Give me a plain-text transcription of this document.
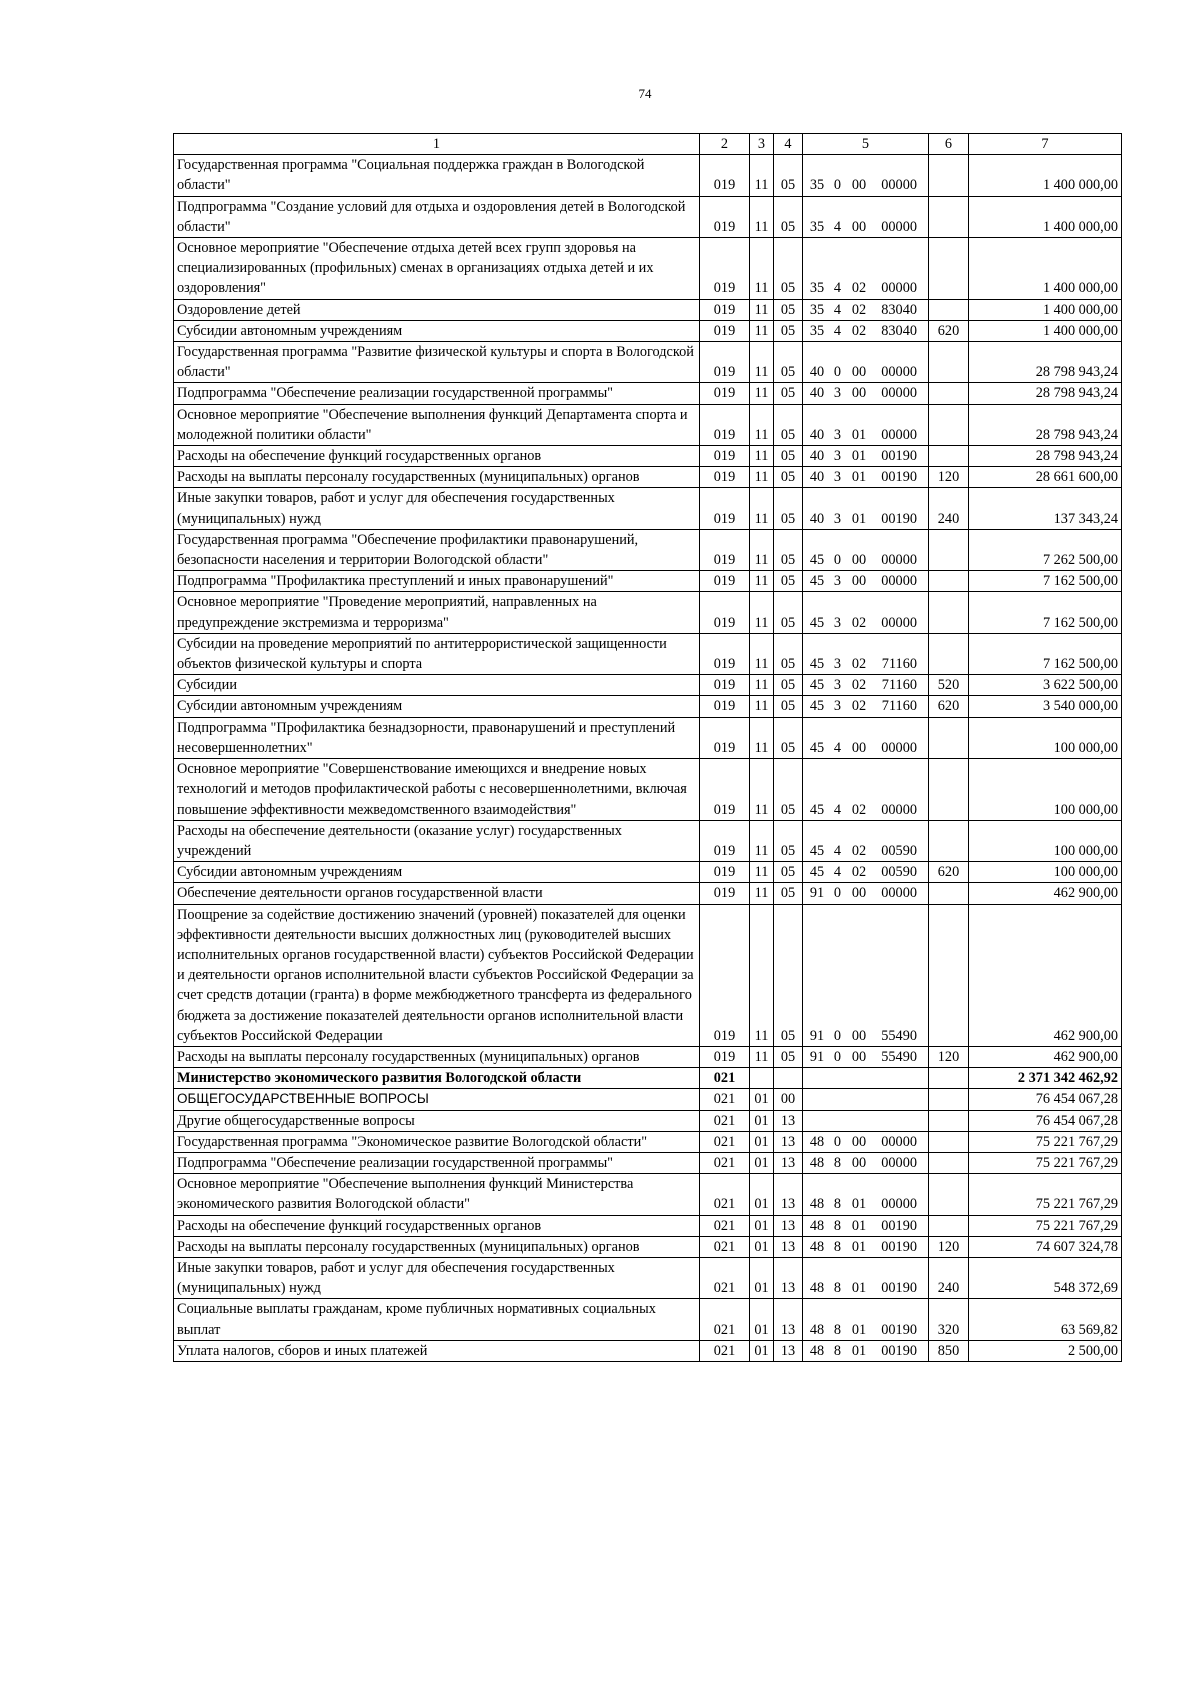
74
1	2	3	4	5	6	7
Государственная программа "Социальная поддержка граждан в Вологодской области"	019	11	05	35 0 00 00000		1 400 000,00
Подпрограмма "Создание условий для отдыха и оздоровления детей в Вологодской области"	019	11	05	35 4 00 00000		1 400 000,00
Основное мероприятие "Обеспечение отдыха детей всех групп здоровья на специализированных (профильных) сменах в организациях отдыха детей и их оздоровления"	019	11	05	35 4 02 00000		1 400 000,00
Оздоровление детей	019	11	05	35 4 02 83040		1 400 000,00
Субсидии автономным учреждениям	019	11	05	35 4 02 83040	620	1 400 000,00
Государственная программа "Развитие физической культуры и спорта в Вологодской области"	019	11	05	40 0 00 00000		28 798 943,24
Подпрограмма "Обеспечение реализации государственной программы"	019	11	05	40 3 00 00000		28 798 943,24
Основное мероприятие "Обеспечение выполнения функций Департамента спорта и молодежной политики области"	019	11	05	40 3 01 00000		28 798 943,24
Расходы на обеспечение функций государственных органов	019	11	05	40 3 01 00190		28 798 943,24
Расходы на выплаты персоналу государственных (муниципальных) органов	019	11	05	40 3 01 00190	120	28 661 600,00
Иные закупки товаров, работ и услуг для обеспечения государственных (муниципальных) нужд	019	11	05	40 3 01 00190	240	137 343,24
Государственная программа "Обеспечение профилактики правонарушений, безопасности населения и территории Вологодской области"	019	11	05	45 0 00 00000		7 262 500,00
Подпрограмма "Профилактика преступлений и иных правонарушений"	019	11	05	45 3 00 00000		7 162 500,00
Основное мероприятие "Проведение мероприятий, направленных на предупреждение экстремизма и терроризма"	019	11	05	45 3 02 00000		7 162 500,00
Субсидии на проведение мероприятий по антитеррористической защищенности объектов физической культуры и спорта	019	11	05	45 3 02 71160		7 162 500,00
Субсидии	019	11	05	45 3 02 71160	520	3 622 500,00
Субсидии автономным учреждениям	019	11	05	45 3 02 71160	620	3 540 000,00
Подпрограмма "Профилактика безнадзорности, правонарушений и преступлений несовершеннолетних"	019	11	05	45 4 00 00000		100 000,00
Основное мероприятие "Совершенствование имеющихся и внедрение новых технологий и методов профилактической работы с несовершеннолетними, включая повышение эффективности межведомственного взаимодействия"	019	11	05	45 4 02 00000		100 000,00
Расходы на обеспечение деятельности (оказание услуг) государственных учреждений	019	11	05	45 4 02 00590		100 000,00
Субсидии автономным учреждениям	019	11	05	45 4 02 00590	620	100 000,00
Обеспечение деятельности органов государственной власти	019	11	05	91 0 00 00000		462 900,00
Поощрение за содействие достижению значений (уровней) показателей для оценки эффективности деятельности высших должностных лиц (руководителей высших исполнительных органов государственной власти) субъектов Российской Федерации и деятельности органов исполнительной власти субъектов Российской Федерации за счет средств дотации (гранта) в форме межбюджетного трансферта из федерального бюджета за достижение показателей деятельности органов исполнительной власти субъектов Российской Федерации	019	11	05	91 0 00 55490		462 900,00
Расходы на выплаты персоналу государственных (муниципальных) органов	019	11	05	91 0 00 55490	120	462 900,00
Министерство экономического развития Вологодской области	021					2 371 342 462,92
ОБЩЕГОСУДАРСТВЕННЫЕ ВОПРОСЫ	021	01	00			76 454 067,28
Другие общегосударственные вопросы	021	01	13			76 454 067,28
Государственная программа "Экономическое развитие Вологодской области"	021	01	13	48 0 00 00000		75 221 767,29
Подпрограмма "Обеспечение реализации государственной программы"	021	01	13	48 8 00 00000		75 221 767,29
Основное мероприятие "Обеспечение выполнения функций Министерства экономического развития Вологодской области"	021	01	13	48 8 01 00000		75 221 767,29
Расходы на обеспечение функций государственных органов	021	01	13	48 8 01 00190		75 221 767,29
Расходы на выплаты персоналу государственных (муниципальных) органов	021	01	13	48 8 01 00190	120	74 607 324,78
Иные закупки товаров, работ и услуг для обеспечения государственных (муниципальных) нужд	021	01	13	48 8 01 00190	240	548 372,69
Социальные выплаты гражданам, кроме публичных нормативных социальных выплат	021	01	13	48 8 01 00190	320	63 569,82
Уплата налогов, сборов и иных платежей	021	01	13	48 8 01 00190	850	2 500,00
